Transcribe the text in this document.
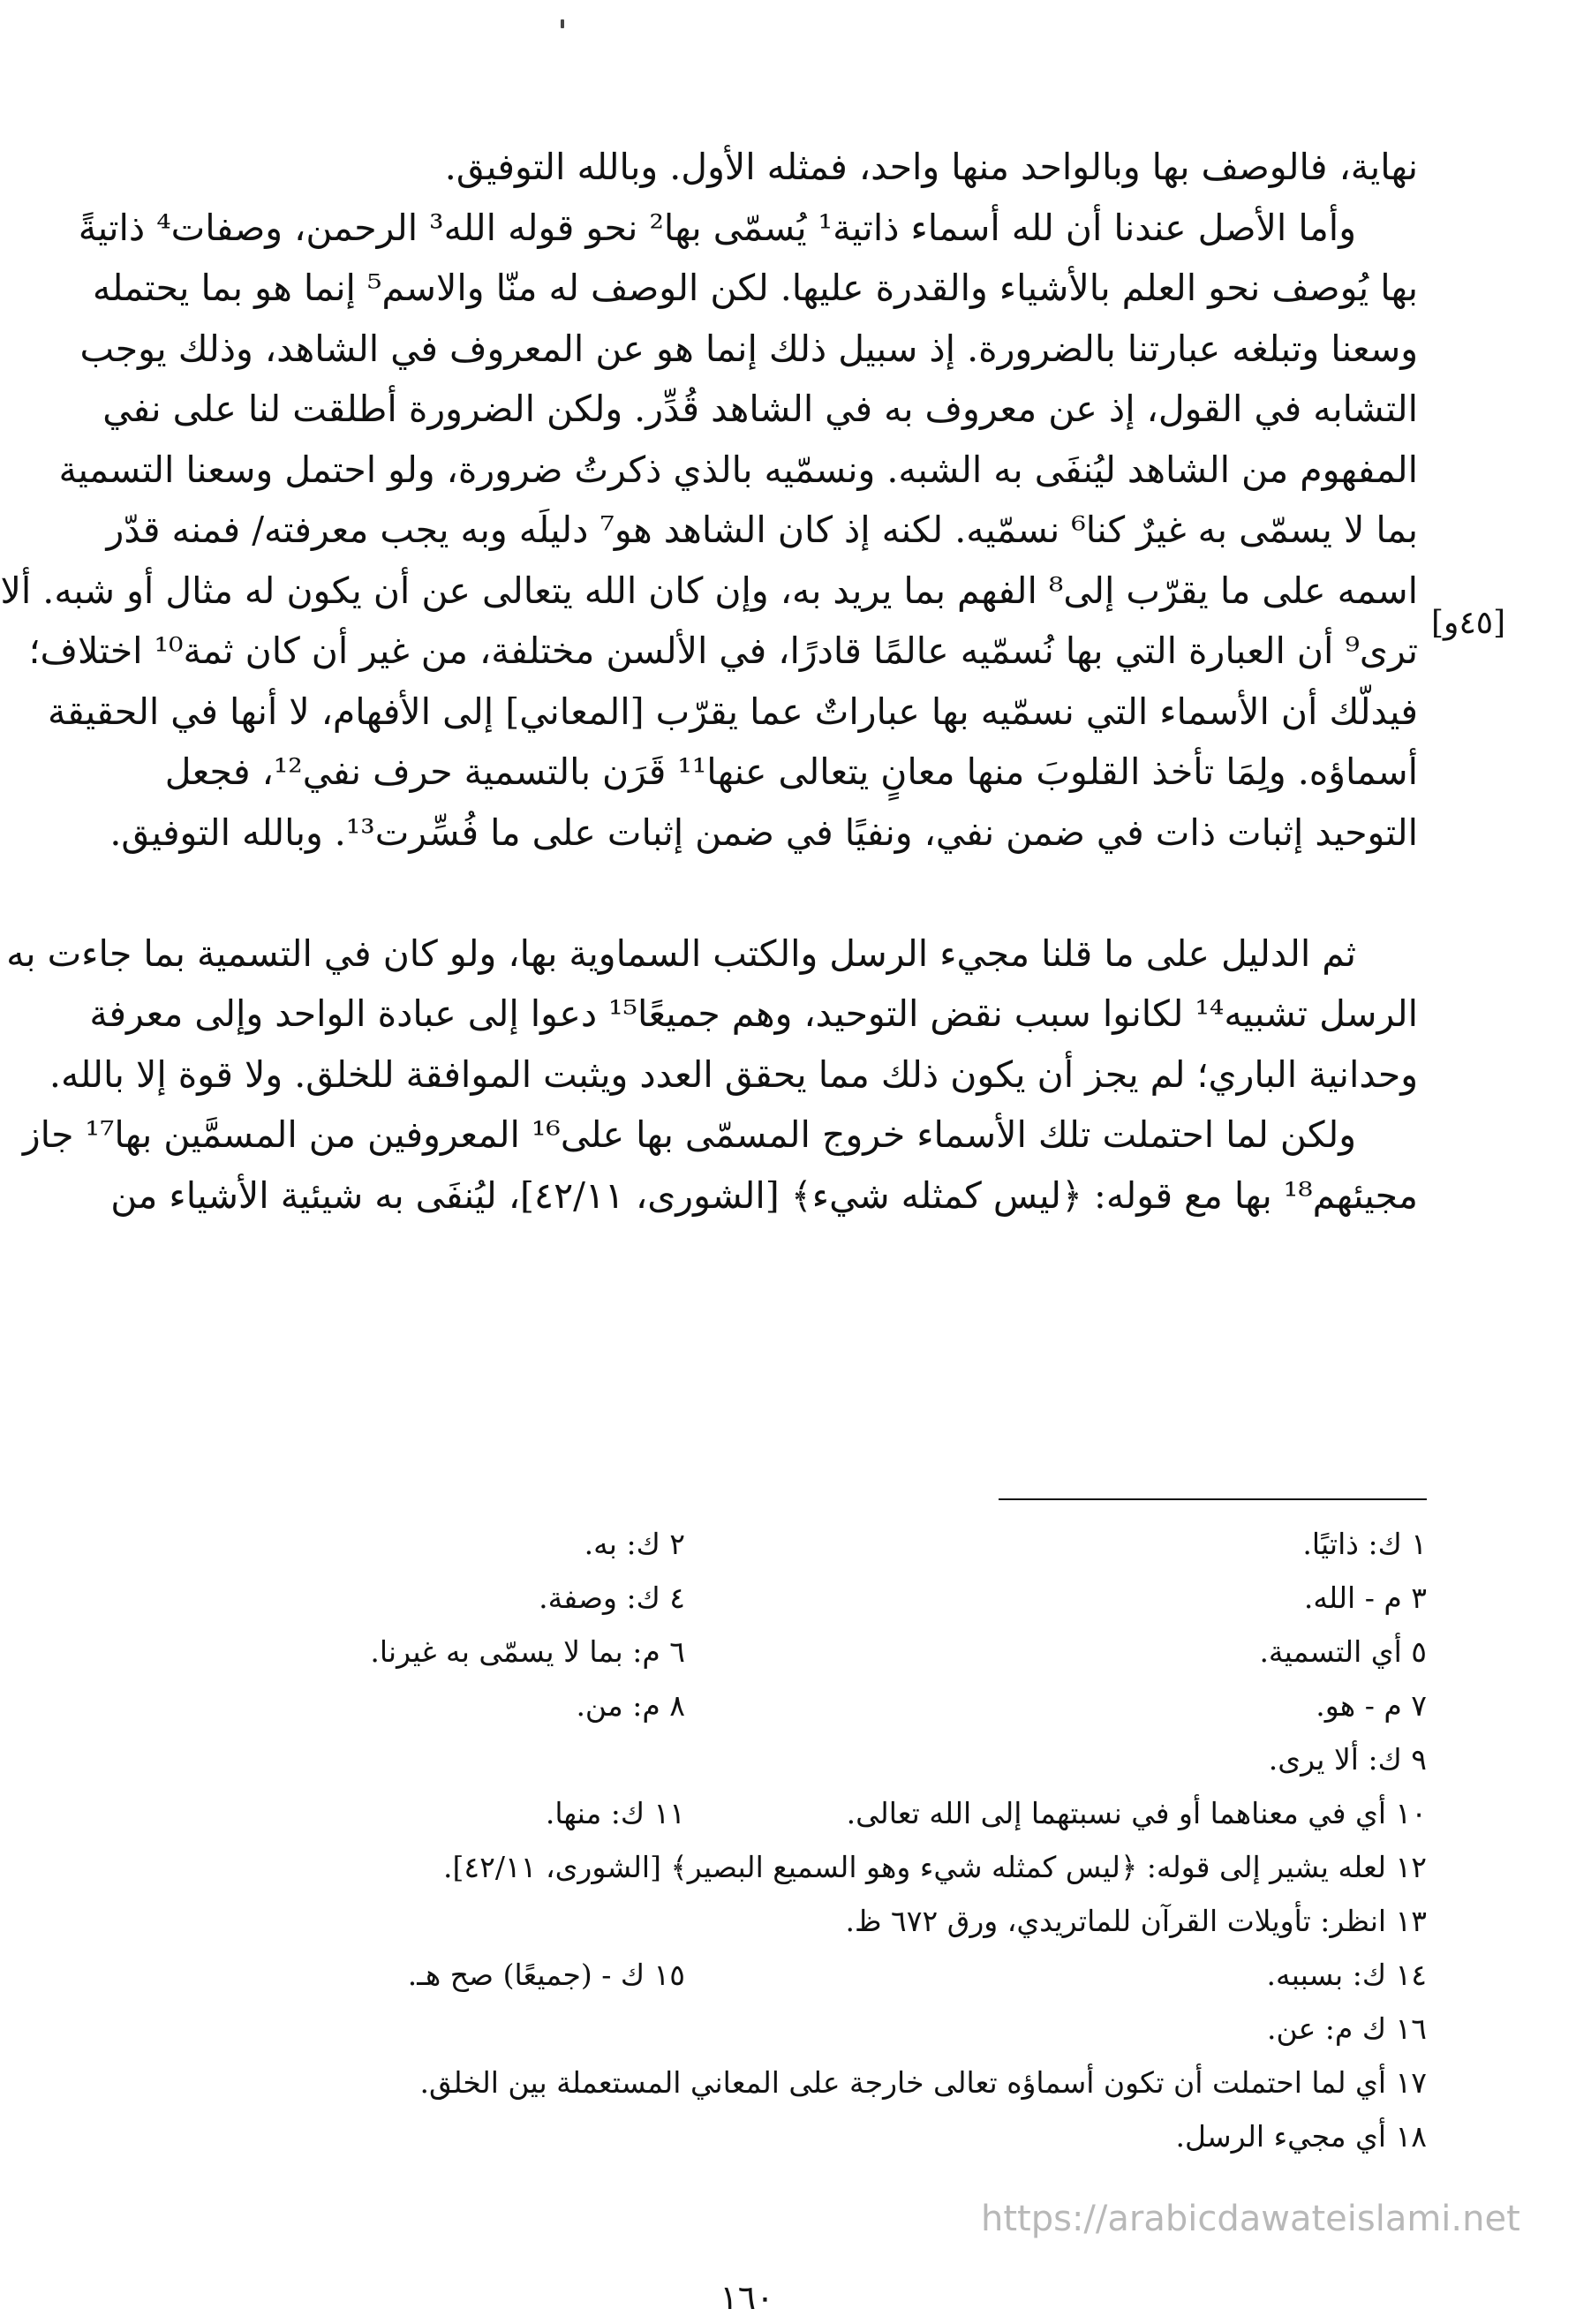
نهاية، فالوصف بها وبالواحد منها واحد، فمثله الأول. وبالله التوفيق.
وأما الأصل عندنا أن لله أسماء ذاتية¹ يُسمّى بها² نحو قوله الله³ الرحمن، وصفات⁴ ذاتيةً
بها يُوصف نحو العلم بالأشياء والقدرة عليها. لكن الوصف له منّا والاسم⁵ إنما هو بما يحتمله
وسعنا وتبلغه عبارتنا بالضرورة. إذ سبيل ذلك إنما هو عن المعروف في الشاهد، وذلك يوجب
التشابه في القول، إذ عن معروف به في الشاهد قُدِّر. ولكن الضرورة أطلقت لنا على نفي
المفهوم من الشاهد ليُنفَى به الشبه. ونسمّيه بالذي ذكرتُ ضرورة، ولو احتمل وسعنا التسمية
بما لا يسمّى به غيرٌ كنا⁶ نسمّيه. لكنه إذ كان الشاهد هو⁷ دليلَه وبه يجب معرفته/ فمنه قدّر
اسمه على ما يقرّب إلى⁸ الفهم بما يريد به، وإن كان الله يتعالى عن أن يكون له مثال أو شبه. ألا
ترى⁹ أن العبارة التي بها نُسمّيه عالمًا قادرًا، في الألسن مختلفة، من غير أن كان ثمة¹⁰ اختلاف؛
فيدلّك أن الأسماء التي نسمّيه بها عباراتٌ عما يقرّب [المعاني] إلى الأفهام، لا أنها في الحقيقة
أسماؤه. ولِمَا تأخذ القلوبَ منها معانٍ يتعالى عنها¹¹ قَرَن بالتسمية حرف نفي¹²، فجعل
التوحيد إثبات ذات في ضمن نفي، ونفيًا في ضمن إثبات على ما فُسِّرت¹³. وبالله التوفيق.
ثم الدليل على ما قلنا مجيء الرسل والكتب السماوية بها، ولو كان في التسمية بما جاءت به
الرسل تشبيه¹⁴ لكانوا سبب نقض التوحيد، وهم جميعًا¹⁵ دعوا إلى عبادة الواحد وإلى معرفة
وحدانية الباري؛ لم يجز أن يكون ذلك مما يحقق العدد ويثبت الموافقة للخلق. ولا قوة إلا بالله.
ولكن لما احتملت تلك الأسماء خروج المسمّى بها على¹⁶ المعروفين من المسمَّين بها¹⁷ جاز
مجيئهم¹⁸ بها مع قوله: ﴿ليس كمثله شيء﴾ [الشورى، ٤٢/١١]، ليُنفَى به شيئية الأشياء من
[٤٥و]
١ ك: ذاتيًا.
٢ ك: به.
٣ م - الله.
٤ ك: وصفة.
٥ أي التسمية.
٦ م: بما لا يسمّى به غيرنا.
٧ م - هو.
٨ م: من.
٩ ك: ألا يرى.
١٠ أي في معناهما أو في نسبتهما إلى الله تعالى.
١١ ك: منها.
١٢ لعله يشير إلى قوله: ﴿ليس كمثله شيء وهو السميع البصير﴾ [الشورى، ٤٢/١١].
١٣ انظر: تأويلات القرآن للماتريدي، ورق ٦٧٢ ظ.
١٤ ك: بسببه.
١٥ ك - (جميعًا) صح هـ.
١٦ ك م: عن.
١٧ أي لما احتملت أن تكون أسماؤه تعالى خارجة على المعاني المستعملة بين الخلق.
١٨ أي مجيء الرسل.
https://arabicdawateislami.net
١٦٠
